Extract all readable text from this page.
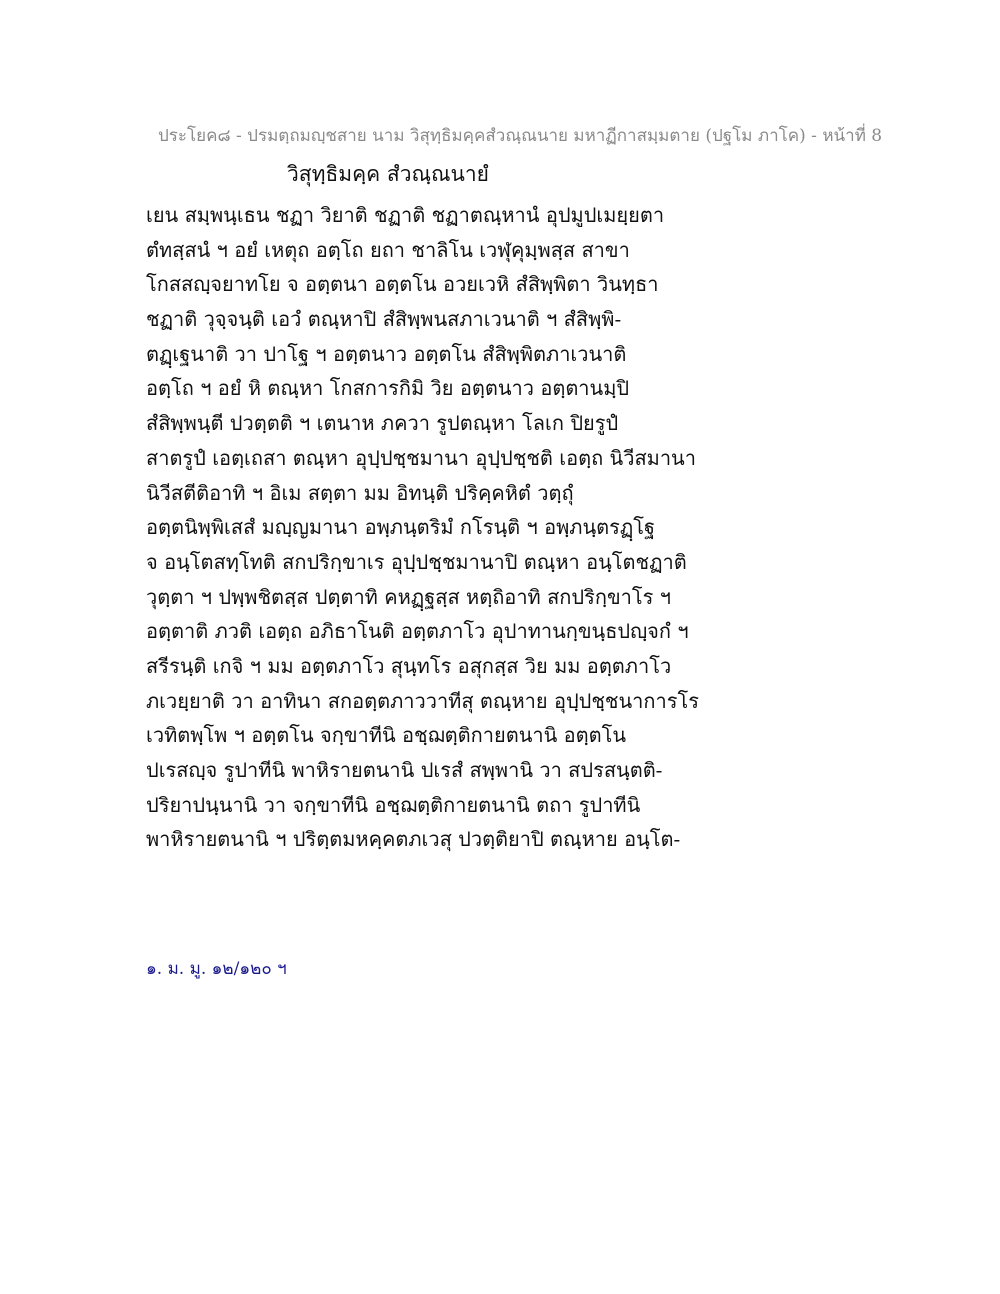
ประโยค๘ - ปรมตฺถมญฺชสาย นาม วิสุทฺธิมคฺคสํวณฺณนาย มหาฏีกาสมฺมตาย (ปฐโม ภาโค) - หน้าที่ 8
วิสุทฺธิมคฺค สํวณฺณนายํ
เยน สมฺพนฺเธน ชฏา วิยาติ ชฏาติ ชฏาตณฺหานํ อุปมูปเมยฺยตา
ตํทสฺสนํ ฯ อยํ เหตุถ อตฺโถ ยถา ชาลิโน เวฬุคุมฺพสฺส สาขา
โกสสญฺจยาทโย จ อตฺตนา อตฺตโน อวยเวหิ สํสิพฺพิตา วินทฺธา
ชฏาติ วุจฺจนฺติ เอวํ ตณฺหาปิ สํสิพฺพนสภาเวนาติ ฯ สํสิพฺพิ-
ตฏฺเฐนาติ วา ปาโฐ ฯ อตฺตนาว อตฺตโน สํสิพฺพิตภาเวนาติ
อตฺโถ ฯ อยํ หิ ตณฺหา โกสการกิมิ วิย อตฺตนาว อตฺตานมฺปิ
สํสิพฺพนฺตี ปวตฺตติ ฯ เตนาห ภควา รูปตณฺหา โลเก ปิยรูปํ
สาตรูปํ เอตฺเถสา ตณฺหา อุปฺปชฺชมานา อุปฺปชฺชติ เอตฺถ นิวีสมานา
นิวีสตีติอาทิ ฯ อิเม สตฺตา มม อิทนฺติ ปริคฺคหิตํ วตฺถุํ
อตฺตนิพฺพิเสสํ มญฺญมานา อพฺภนฺตริมํ กโรนฺติ ฯ อพฺภนฺตรฏฺโฐ
จ อนฺโตสทฺโทติ สกปริกฺขาเร อุปฺปชฺชมานาปิ ตณฺหา อนฺโตชฏาติ
วุตฺตา ฯ ปพฺพชิตสฺส ปตฺตาทิ คหฏฺฐสฺส หตฺถิอาทิ สกปริกฺขาโร ฯ
อตฺตาติ ภวติ เอตฺถ อภิธาโนติ อตฺตภาโว อุปาทานกฺขนฺธปญฺจกํ ฯ
สรีรนฺติ เกจิ ฯ มม อตฺตภาโว สุนฺทโร อสุกสฺส วิย มม อตฺตภาโว
ภเวยฺยาติ วา อาทินา สกอตฺตภาววาทีสุ ตณฺหาย อุปฺปชฺชนาการโร
เวทิตพฺโพ ฯ อตฺตโน จกฺขาทีนิ อชฺฌตฺติกายตนานิ อตฺตโน
ปเรสญฺจ รูปาทีนิ พาหิรายตนานิ ปเรสํ สพฺพานิ วา สปรสนฺตติ-
ปริยาปนฺนานิ วา จกฺขาทีนิ อชฺฌตฺติกายตนานิ ตถา รูปาทีนิ
พาหิรายตนานิ ฯ ปริตฺตมหคฺคตภเวสุ ปวตฺติยาปิ ตณฺหาย อนฺโต-
๑. ม. มู. ๑๒/๑๒๐ ฯ
